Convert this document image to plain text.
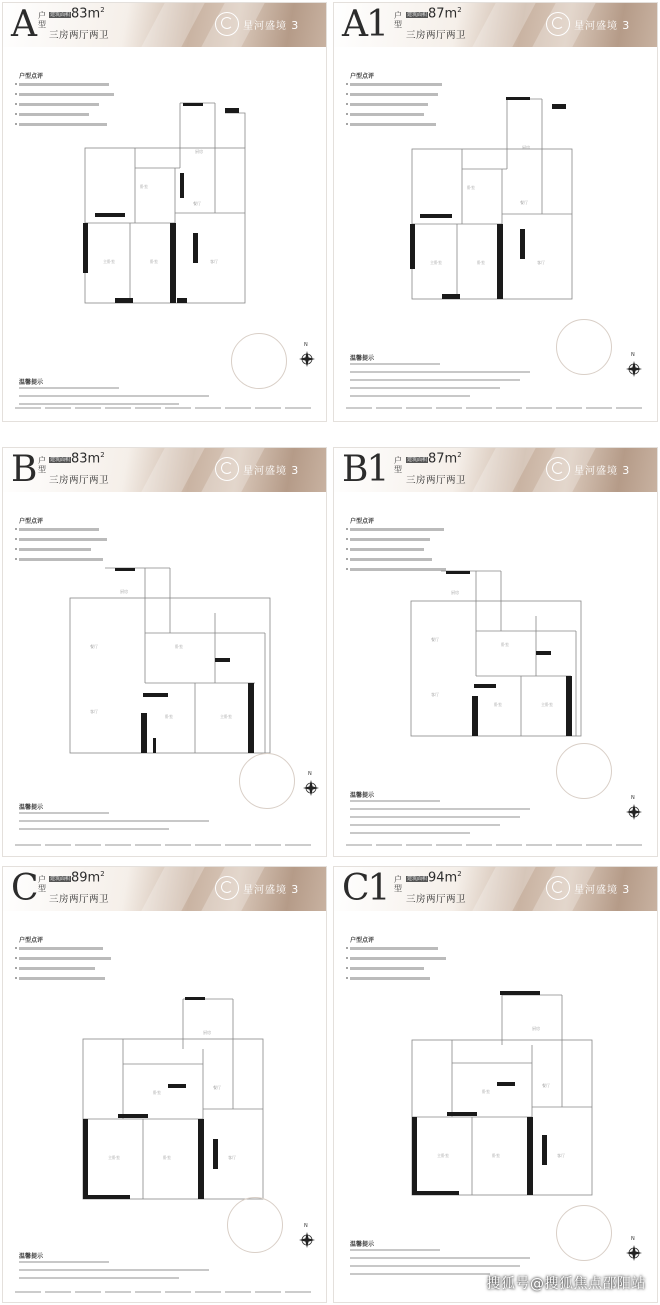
A 户型
建筑面积 $83m^2$
三房两厅两卫
星河盛境 3
户型点评
主卧室	卧室
卧室
客厅
餐厅
厨房
N
温馨提示
A1 户型
建筑面积 $87m^2$
三房两厅两卫
星河盛境 3
户型点评
主卧室	卧室
卧室
客厅
餐厅
厨房
N
温馨提示
B 户型
建筑面积 $83m^2$
三房两厅两卫
星河盛境 3
户型点评
客厅
餐厅
卧室	主卧室
卧室
厨房
N
温馨提示
B1 户型
建筑面积 $87m^2$
三房两厅两卫
星河盛境 3
户型点评
客厅
餐厅
卧室	主卧室
卧室
厨房
N
温馨提示
C 户型
建筑面积 $89m^2$
三房两厅两卫
星河盛境 3
户型点评
主卧室	卧室
卧室
客厅
餐厅
厨房
N
温馨提示
C1 户型
建筑面积 $94m^2$
三房两厅两卫
星河盛境 3
户型点评
主卧室	卧室
卧室
客厅
餐厅
厨房
N
温馨提示
搜狐号@搜狐焦点邵阳站
